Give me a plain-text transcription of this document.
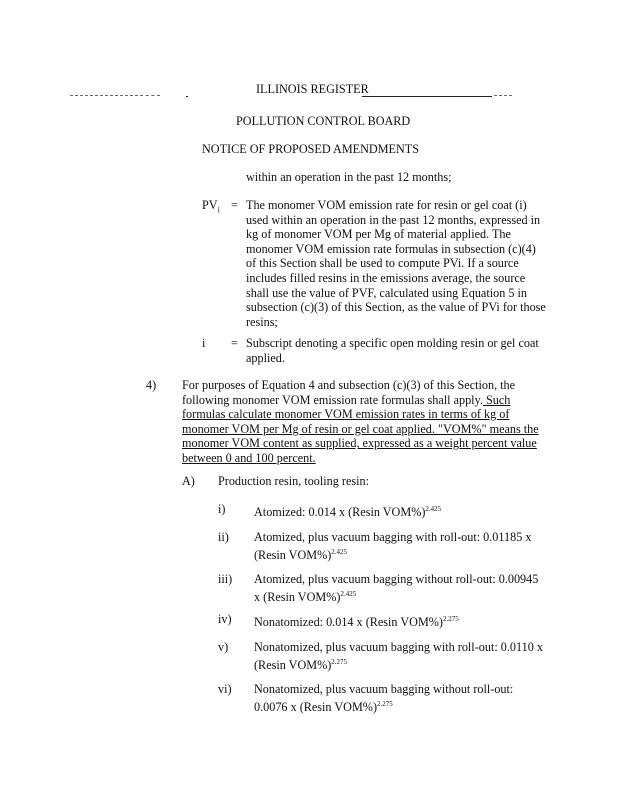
ILLINOIS REGISTER
POLLUTION CONTROL BOARD
NOTICE OF PROPOSED AMENDMENTS
within an operation in the past 12 months;
$PV_i$ = The monomer VOM emission rate for resin or gel coat (i)
used within an operation in the past 12 months, expressed in
kg of monomer VOM per Mg of material applied. The
monomer VOM emission rate formulas in subsection (c)(4)
of this Section shall be used to compute PVi. If a source
includes filled resins in the emissions average, the source
shall use the value of PVF, calculated using Equation 5 in
subsection (c)(3) of this Section, as the value of PVi for those
resins;
i = Subscript denoting a specific open molding resin or gel coat
applied.
4) For purposes of Equation 4 and subsection (c)(3) of this Section, the
following monomer VOM emission rate formulas shall apply. Such
formulas calculate monomer VOM emission rates in terms of kg of
monomer VOM per Mg of resin or gel coat applied. "VOM%" means the
monomer VOM content as supplied, expressed as a weight percent value
between 0 and 100 percent.
A) Production resin, tooling resin:
i) Atomized: 0.014 x (Resin VOM%)$^{2.425}$
ii) Atomized, plus vacuum bagging with roll-out: 0.01185 x
(Resin VOM%)$^{2.425}$
iii) Atomized, plus vacuum bagging without roll-out: 0.00945
x (Resin VOM%)$^{2.425}$
iv) Nonatomized: 0.014 x (Resin VOM%)$^{2.275}$
v) Nonatomized, plus vacuum bagging with roll-out: 0.0110 x
(Resin VOM%)$^{2.275}$
vi) Nonatomized, plus vacuum bagging without roll-out:
0.0076 x (Resin VOM%)$^{2.275}$
